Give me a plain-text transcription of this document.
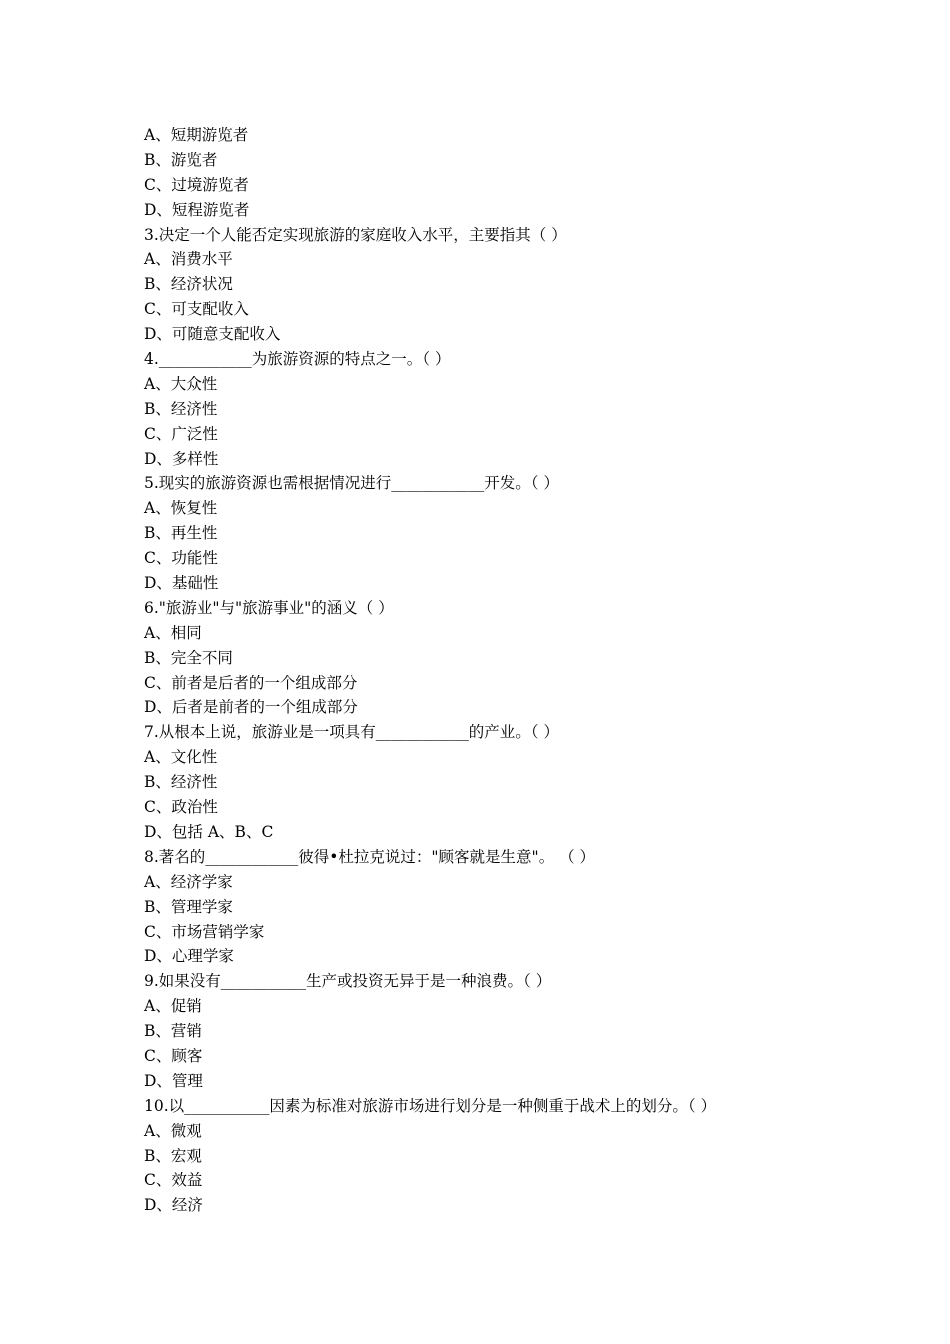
A、短期游览者
B、游览者
C、过境游览者
D、短程游览者
3.决定一个人能否定实现旅游的家庭收入水平，主要指其（ ）
A、消费水平
B、经济状况
C、可支配收入
D、可随意支配收入
4.____________为旅游资源的特点之一。（ ）
A、大众性
B、经济性
C、广泛性
D、多样性
5.现实的旅游资源也需根据情况进行____________开发。（ ）
A、恢复性
B、再生性
C、功能性
D、基础性
6."旅游业"与"旅游事业"的涵义（ ）
A、相同
B、完全不同
C、前者是后者的一个组成部分
D、后者是前者的一个组成部分
7.从根本上说，旅游业是一项具有____________的产业。（ ）
A、文化性
B、经济性
C、政治性
D、包括 A、B、C
8.著名的____________彼得•杜拉克说过："顾客就是生意"。 （ ）
A、经济学家
B、管理学家
C、市场营销学家
D、心理学家
9.如果没有___________生产或投资无异于是一种浪费。（ ）
A、促销
B、营销
C、顾客
D、管理
10.以___________因素为标准对旅游市场进行划分是一种侧重于战术上的划分。（ ）
A、微观
B、宏观
C、效益
D、经济
